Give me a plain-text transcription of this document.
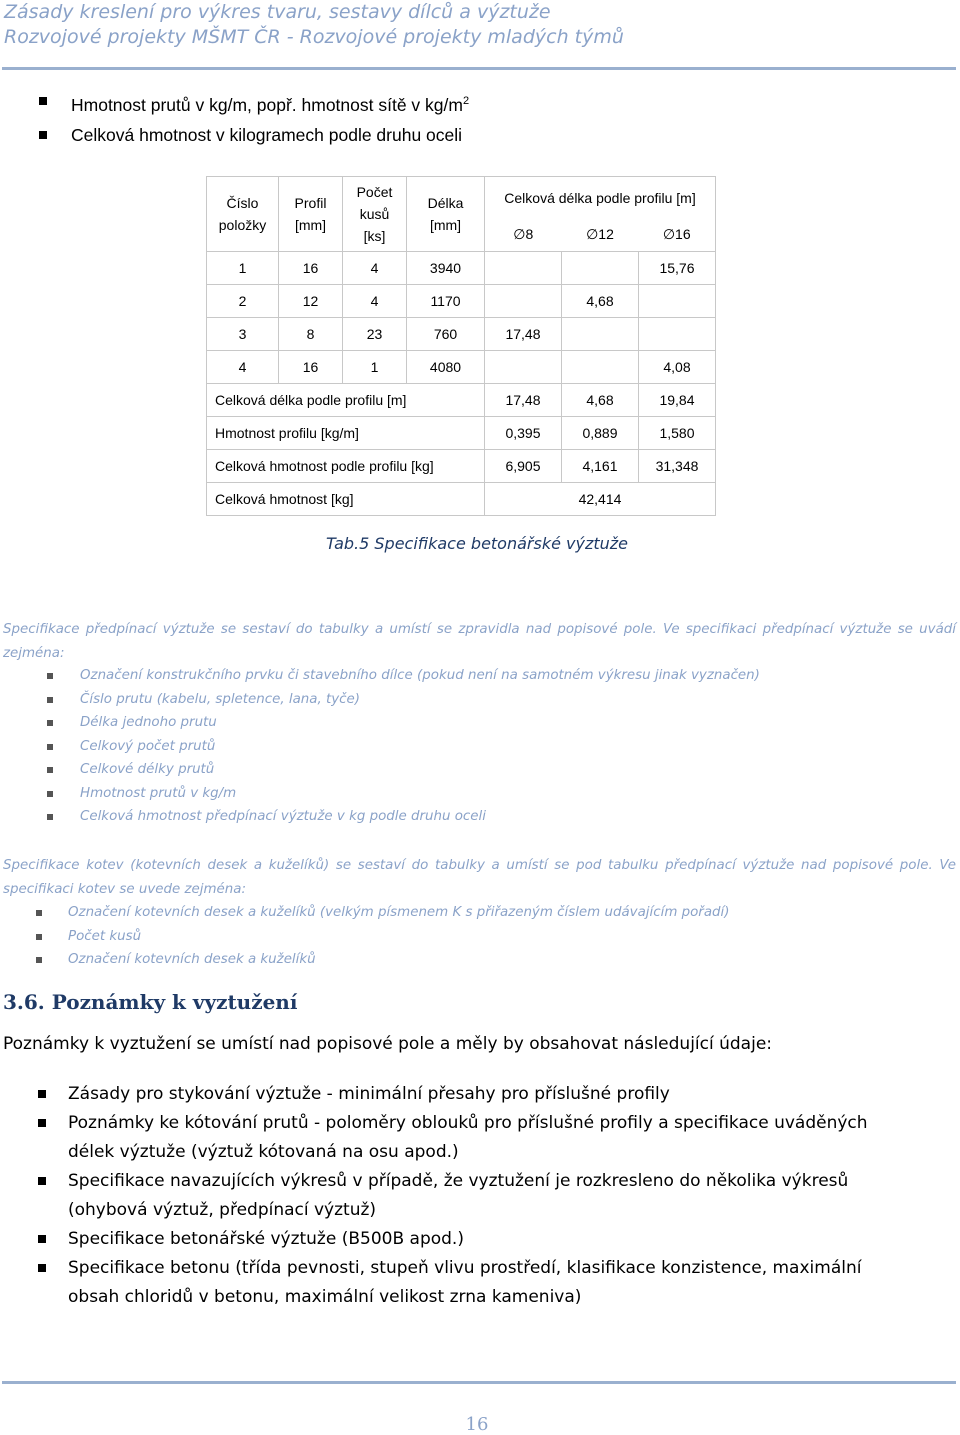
Zásady kreslení pro výkres tvaru, sestavy dílců a výztuže
Rozvojové projekty MŠMT ČR - Rozvojové projekty mladých týmů
Hmotnost prutů v kg/m, popř. hmotnost sítě v $kg/m^2$
Celková hmotnost v kilogramech podle druhu oceli
Číslo položky	Profil [mm]	Počet kusů [ks]	Délka [mm]	Celková délka podle profilu [m]		
				∅8	∅12	∅16
1	16	4	3940			15,76
2	12	4	1170		4,68	
3	8	23	760	17,48		
4	16	1	4080			4,08
Celková délka podle profilu [m]				17,48	4,68	19,84
Hmotnost profilu [kg/m]				0,395	0,889	1,580
Celková hmotnost podle profilu [kg]				6,905	4,161	31,348
Celková hmotnost [kg]				42,414		
Tab.5 Specifikace betonářské výztuže
Specifikace předpínací výztuže se sestaví do tabulky a umístí se zpravidla nad popisové pole. Ve specifikaci předpínací výztuže se uvádí zejména:
Označení konstrukčního prvku či stavebního dílce (pokud není na samotném výkresu jinak vyznačen)
Číslo prutu (kabelu, spletence, lana, tyče)
Délka jednoho prutu
Celkový počet prutů
Celkové délky prutů
Hmotnost prutů v kg/m
Celková hmotnost předpínací výztuže v kg podle druhu oceli
Specifikace kotev (kotevních desek a kuželíků) se sestaví do tabulky a umístí se pod tabulku předpínací výztuže nad popisové pole. Ve specifikaci kotev se uvede zejména:
Označení kotevních desek a kuželíků (velkým písmenem K s přiřazeným číslem udávajícím pořadí)
Počet kusů
Označení kotevních desek a kuželíků
3.6. Poznámky k vyztužení
Poznámky k vyztužení se umístí nad popisové pole a měly by obsahovat následující údaje:
Zásady pro stykování výztuže - minimální přesahy pro příslušné profily
Poznámky ke kótování prutů - poloměry oblouků pro příslušné profily a specifikace uváděných délek výztuže (výztuž kótovaná na osu apod.)
Specifikace navazujících výkresů v případě, že vyztužení je rozkresleno do několika výkresů (ohybová výztuž, předpínací výztuž)
Specifikace betonářské výztuže (B500B apod.)
Specifikace betonu (třída pevnosti, stupeň vlivu prostředí, klasifikace konzistence, maximální obsah chloridů v betonu, maximální velikost zrna kameniva)
16
